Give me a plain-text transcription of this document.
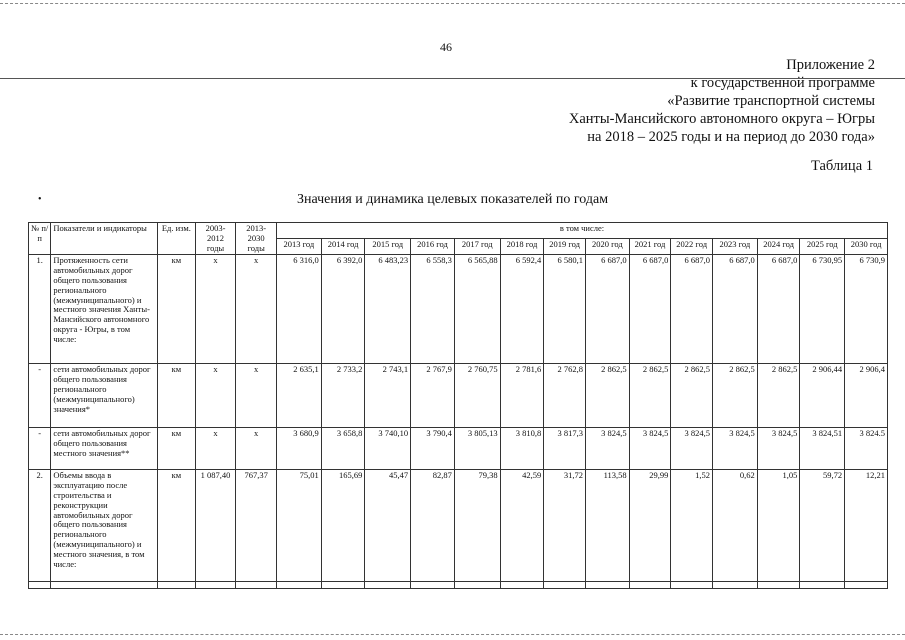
46
Приложение 2
к государственной программе
«Развитие транспортной системы
Ханты-Мансийского автономного округа – Югры
на 2018 – 2025 годы и на период до 2030 года»
Таблица 1
•	Значения и динамика целевых показателей по годам
№ п/п	Показатели и индикаторы	Ед. изм.	2003-2012 годы	2013-2030 годы	в том числе:													
					2013 год	2014 год	2015 год	2016 год	2017 год	2018 год	2019 год	2020 год	2021 год	2022 год	2023 год	2024 год	2025 год	2030 год
1.	Протяженность сети автомобильных дорог общего пользования регионального (межмуниципального) и местного значения Ханты-Мансийского автономного округа - Югры, в том числе:	км	х	х	6 316,0	6 392,0	6 483,23	6 558,3	6 565,88	6 592,4	6 580,1	6 687,0	6 687,0	6 687,0	6 687,0	6 687,0	6 730,95	6 730,9
-	сети автомобильных дорог общего пользования регионального (межмуниципального) значения*	км	х	х	2 635,1	2 733,2	2 743,1	2 767,9	2 760,75	2 781,6	2 762,8	2 862,5	2 862,5	2 862,5	2 862,5	2 862,5	2 906,44	2 906,4
-	сети автомобильных дорог общего пользования местного значения**	км	х	х	3 680,9	3 658,8	3 740,10	3 790,4	3 805,13	3 810,8	3 817,3	3 824,5	3 824,5	3 824,5	3 824,5	3 824,5	3 824,51	3 824.5
2.	Объемы ввода в эксплуатацию после строительства и реконструкции автомобильных дорог общего пользования регионального (межмуниципального) и местного значения, в том числе:	км	1 087,40	767,37	75,01	165,69	45,47	82,87	79,38	42,59	31,72	113,58	29,99	1,52	0,62	1,05	59,72	12,21
